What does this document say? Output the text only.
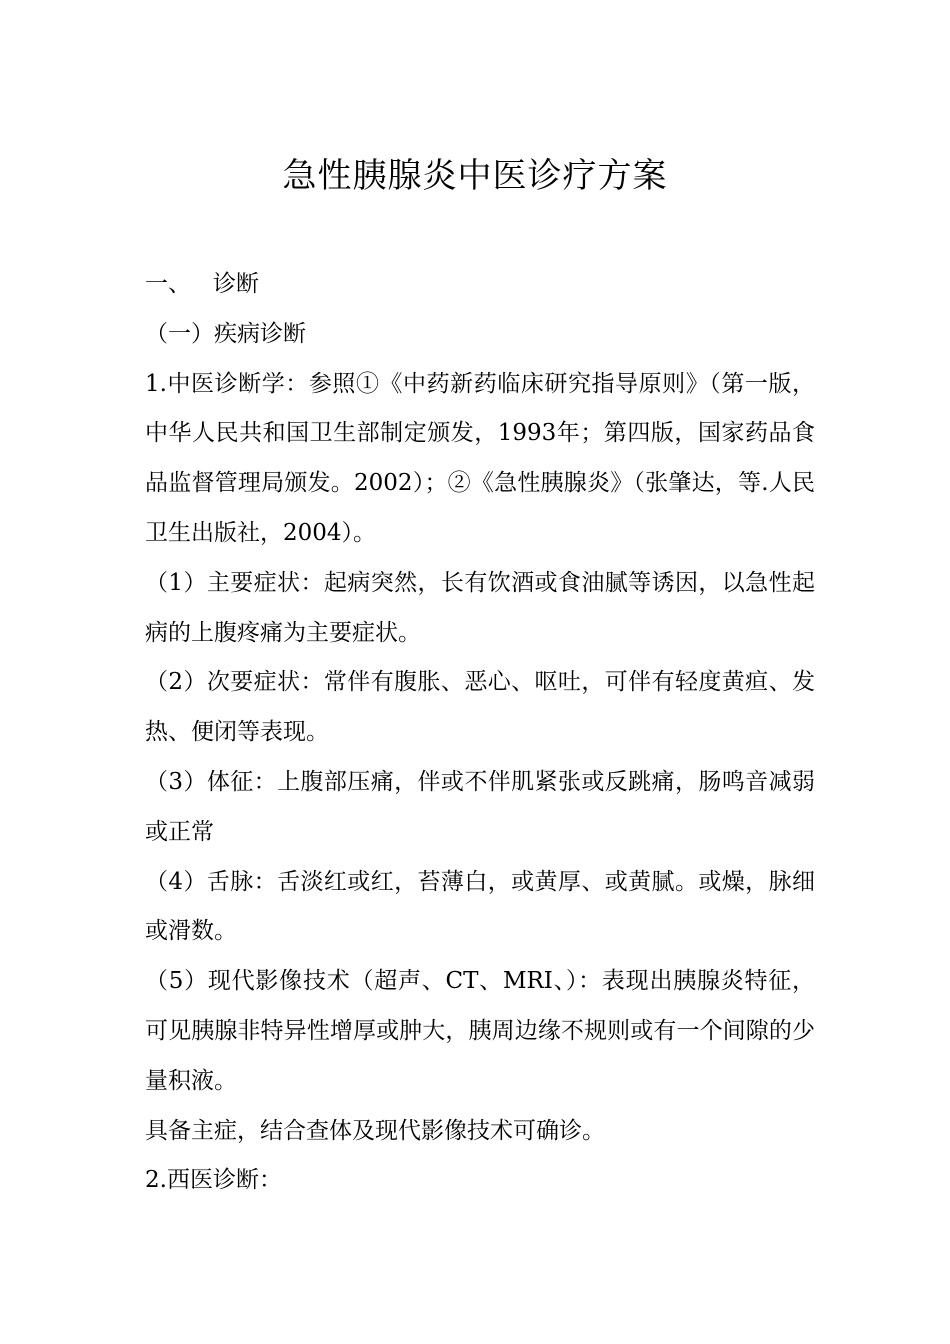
急性胰腺炎中医诊疗方案

一、 诊断

（一）疾病诊断

1.中医诊断学：参照①《中药新药临床研究指导原则》（第一版，中华人民共和国卫生部制定颁发，1993年；第四版，国家药品食品监督管理局颁发。2002）；②《急性胰腺炎》（张肇达，等.人民卫生出版社，2004）。

（1）主要症状：起病突然，长有饮酒或食油腻等诱因，以急性起病的上腹疼痛为主要症状。

（2）次要症状：常伴有腹胀、恶心、呕吐，可伴有轻度黄疸、发热、便闭等表现。

（3）体征：上腹部压痛，伴或不伴肌紧张或反跳痛，肠鸣音减弱或正常

（4）舌脉：舌淡红或红，苔薄白，或黄厚、或黄腻。或燥，脉细或滑数。

（5）现代影像技术（超声、CT、MRI、）：表现出胰腺炎特征，可见胰腺非特异性增厚或肿大，胰周边缘不规则或有一个间隙的少量积液。

具备主症，结合查体及现代影像技术可确诊。

2.西医诊断：
